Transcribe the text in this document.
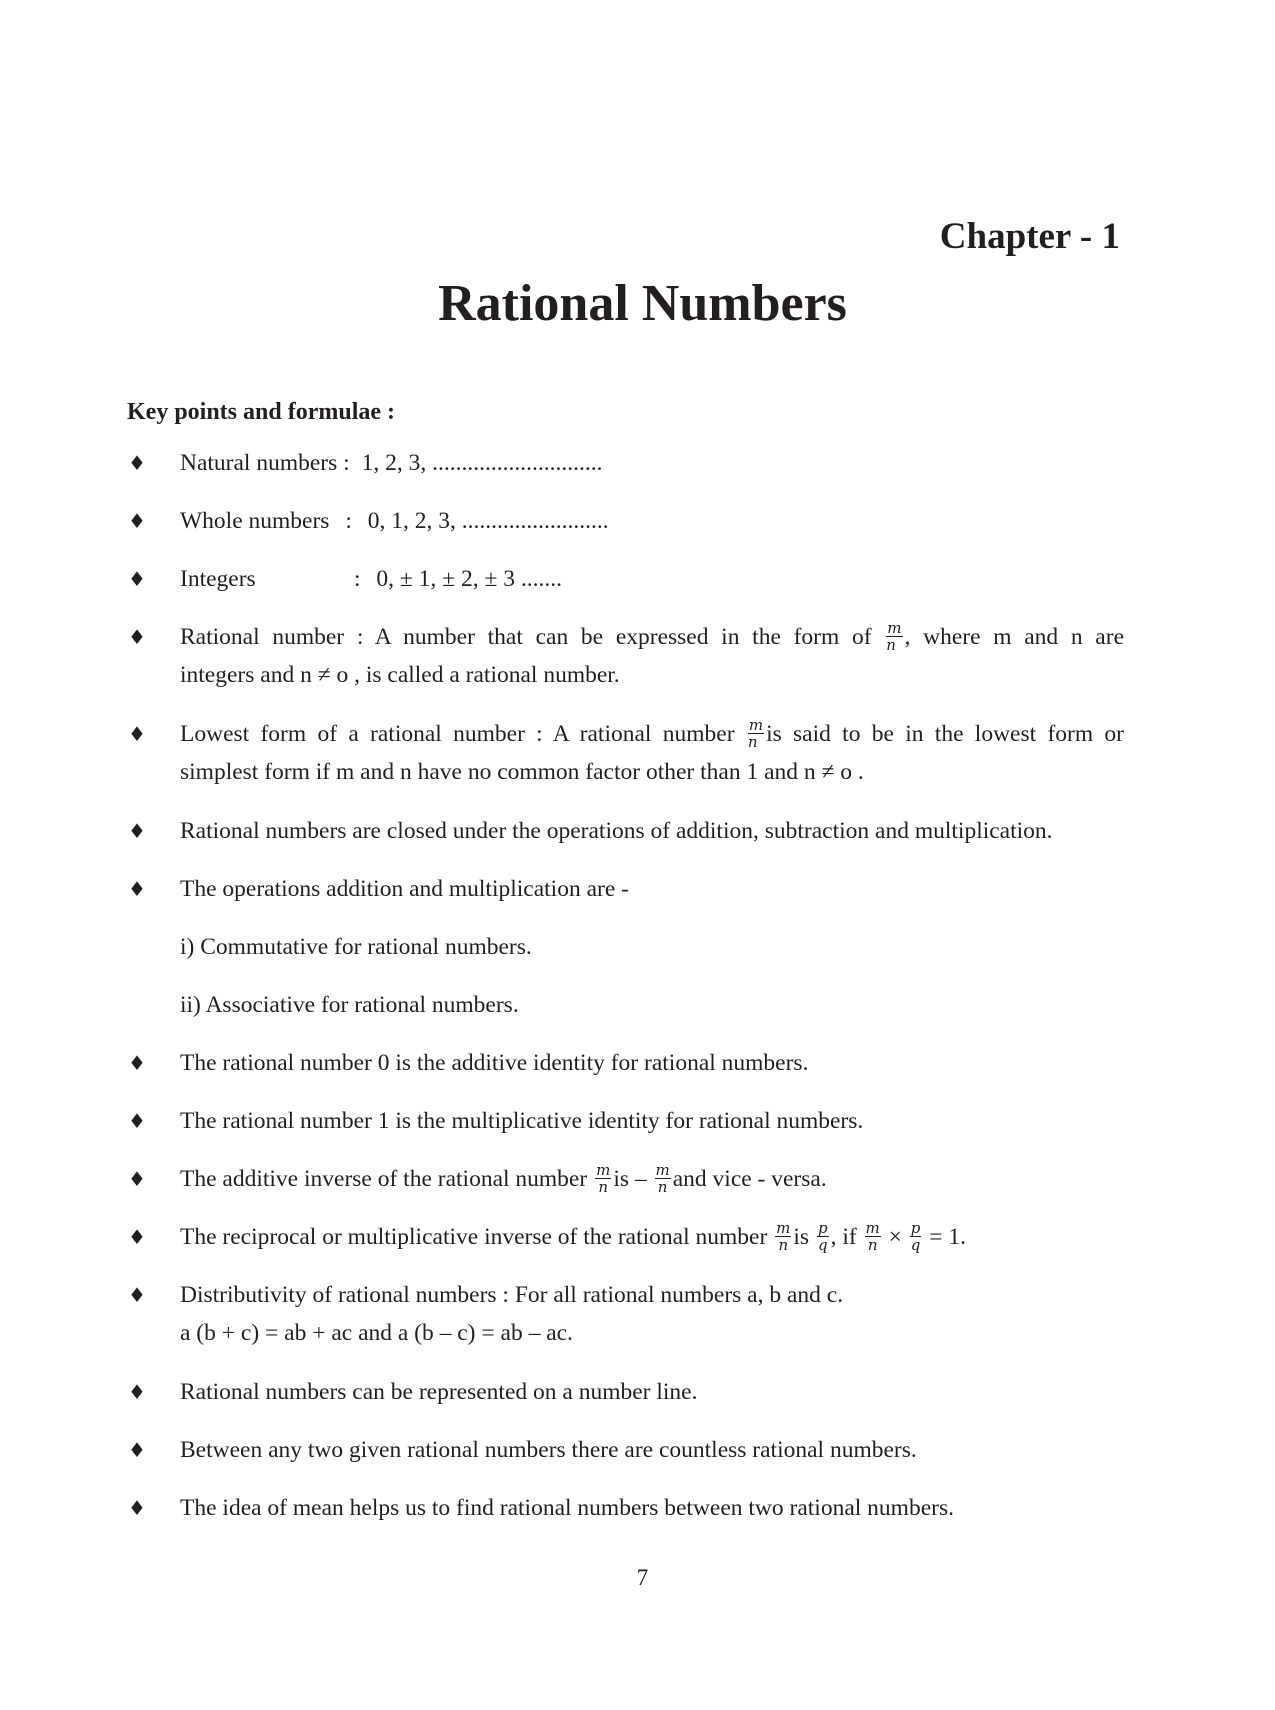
Chapter - 1
Rational Numbers
Key points and formulae :
♦ Natural numbers : 1, 2, 3, .............................
♦ Whole numbers : 0, 1, 2, 3, .........................
♦ Integers	: 0, ± 1, ± 2, ± 3 .......
♦ Rational number : A number that can be expressed in the form of $\frac{m}{n}$ , where m and n are
integers and n ≠ o , is called a rational number.
♦ Lowest form of a rational number : A rational number $\frac{m}{n}$ is said to be in the lowest form or
simplest form if m and n have no common factor other than 1 and n ≠ o .
♦ Rational numbers are closed under the operations of addition, subtraction and multiplication.
♦ The operations addition and multiplication are -
i) Commutative for rational numbers.
ii) Associative for rational numbers.
♦ The rational number 0 is the additive identity for rational numbers.
♦ The rational number 1 is the multiplicative identity for rational numbers.
♦ The additive inverse of the rational number $\frac{m}{n}$ is – $\frac{m}{n}$ and vice - versa.
♦ The reciprocal or multiplicative inverse of the rational number $\frac{m}{n}$ is $\frac{p}{q}$ , if $\frac{m}{n} \times \frac{p}{q} = 1$.
♦ Distributivity of rational numbers : For all rational numbers a, b and c.
a (b + c) = ab + ac and a (b – c) = ab – ac.
♦ Rational numbers can be represented on a number line.
♦ Between any two given rational numbers there are countless rational numbers.
♦ The idea of mean helps us to find rational numbers between two rational numbers.
7
